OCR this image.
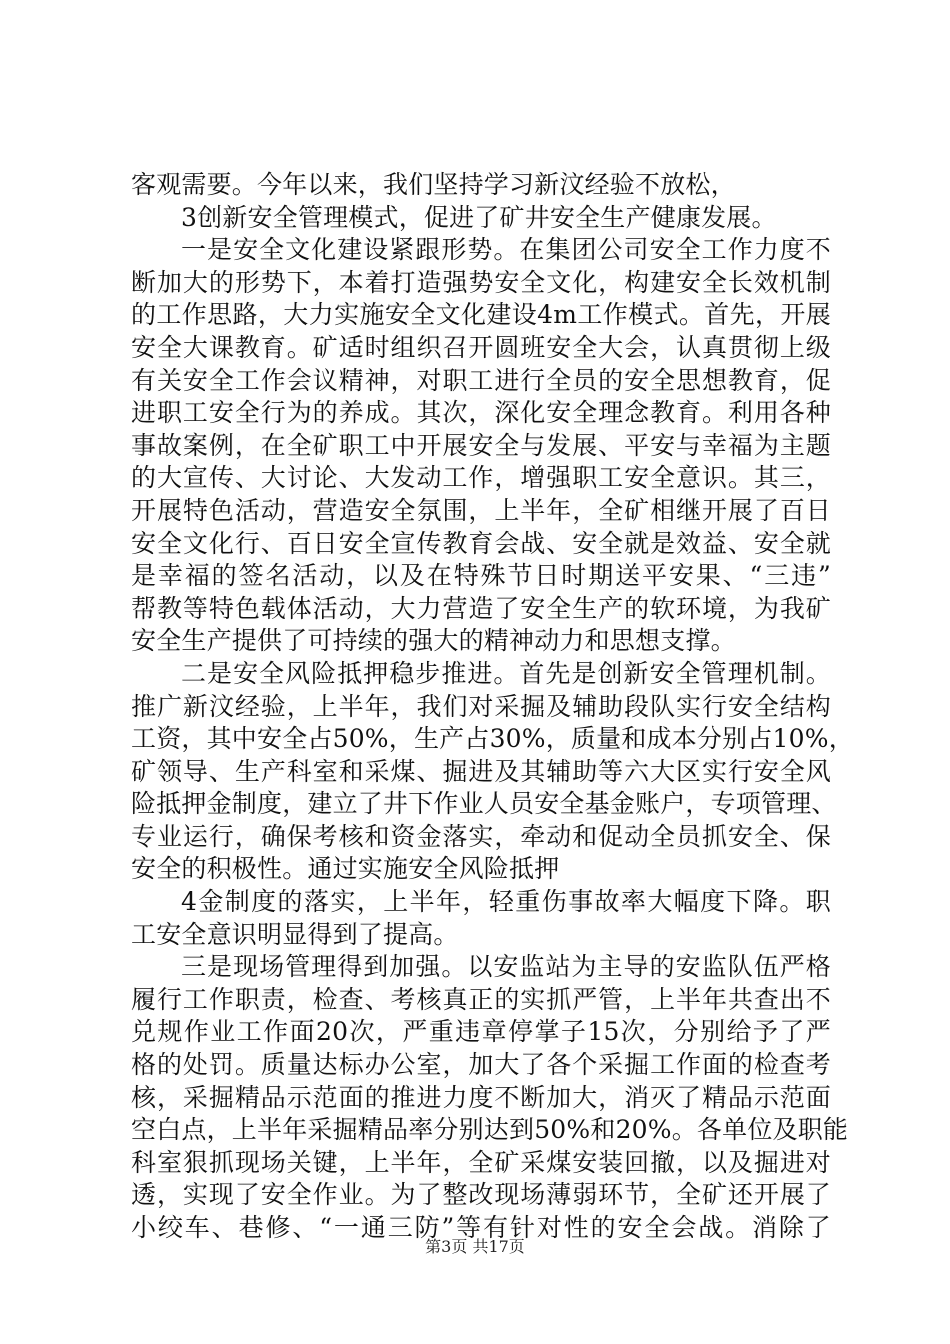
客观需要。今年以来，我们坚持学习新汶经验不放松，
3创新安全管理模式，促进了矿井安全生产健康发展。
一是安全文化建设紧跟形势。在集团公司安全工作力度不
断加大的形势下，本着打造强势安全文化，构建安全长效机制
的工作思路，大力实施安全文化建设4m工作模式。首先，开展
安全大课教育。矿适时组织召开圆班安全大会，认真贯彻上级
有关安全工作会议精神，对职工进行全员的安全思想教育，促
进职工安全行为的养成。其次，深化安全理念教育。利用各种
事故案例，在全矿职工中开展安全与发展、平安与幸福为主题
的大宣传、大讨论、大发动工作，增强职工安全意识。其三，
开展特色活动，营造安全氛围，上半年，全矿相继开展了百日
安全文化行、百日安全宣传教育会战、安全就是效益、安全就
是幸福的签名活动，以及在特殊节日时期送平安果、“三违”
帮教等特色载体活动，大力营造了安全生产的软环境，为我矿
安全生产提供了可持续的强大的精神动力和思想支撑。
二是安全风险抵押稳步推进。首先是创新安全管理机制。
推广新汶经验，上半年，我们对采掘及辅助段队实行安全结构
工资，其中安全占50%，生产占30%，质量和成本分别占10%，
矿领导、生产科室和采煤、掘进及其辅助等六大区实行安全风
险抵押金制度，建立了井下作业人员安全基金账户，专项管理、
专业运行，确保考核和资金落实，牵动和促动全员抓安全、保
安全的积极性。通过实施安全风险抵押
4金制度的落实，上半年，轻重伤事故率大幅度下降。职
工安全意识明显得到了提高。
三是现场管理得到加强。以安监站为主导的安监队伍严格
履行工作职责，检查、考核真正的实抓严管，上半年共查出不
兑规作业工作面20次，严重违章停掌子15次，分别给予了严
格的处罚。质量达标办公室，加大了各个采掘工作面的检查考
核，采掘精品示范面的推进力度不断加大，消灭了精品示范面
空白点，上半年采掘精品率分别达到50%和20%。各单位及职能
科室狠抓现场关键，上半年，全矿采煤安装回撤，以及掘进对
透，实现了安全作业。为了整改现场薄弱环节，全矿还开展了
小绞车、巷修、“一通三防”等有针对性的安全会战。消除了
第3页 共17页
